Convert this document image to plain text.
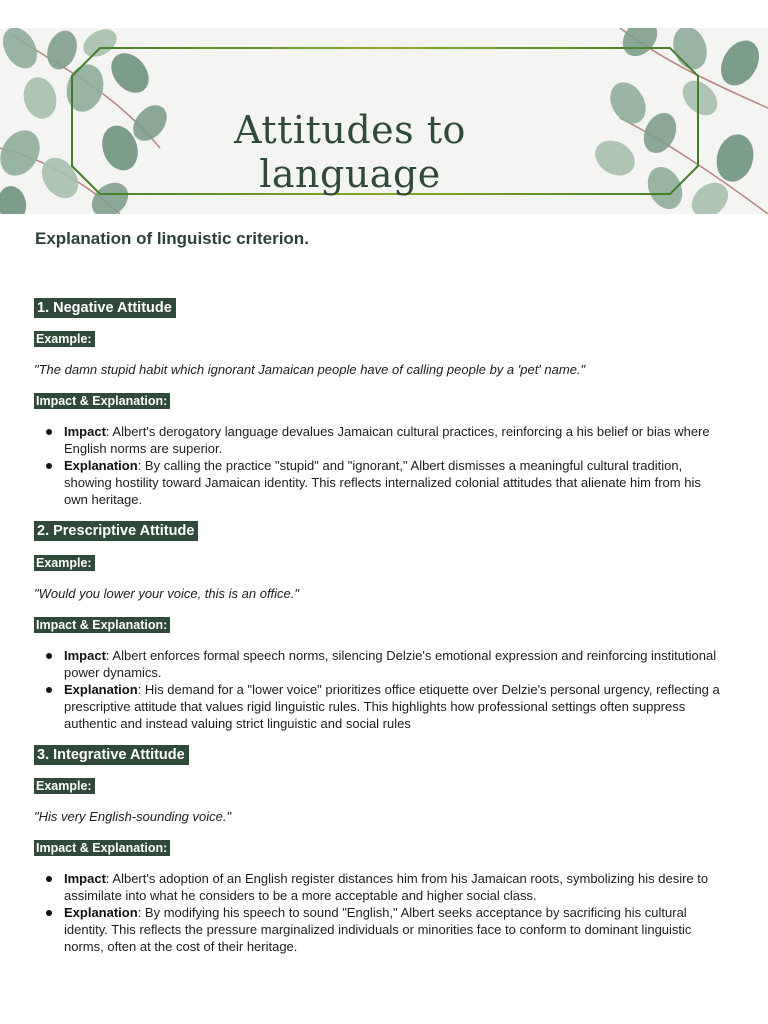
Attitudes to
language
Explanation of linguistic criterion.
1. Negative Attitude
Example:

"The damn stupid habit which ignorant Jamaican people have of calling people by a 'pet' name."

Impact & Explanation:
Impact: Albert's derogatory language devalues Jamaican cultural practices, reinforcing a his belief or bias where English norms are superior.
Explanation: By calling the practice "stupid" and "ignorant," Albert dismisses a meaningful cultural tradition, showing hostility toward Jamaican identity. This reflects internalized colonial attitudes that alienate him from his own heritage.
2. Prescriptive Attitude
Example:

"Would you lower your voice, this is an office."

Impact & Explanation:
Impact: Albert enforces formal speech norms, silencing Delzie's emotional expression and reinforcing institutional power dynamics.
Explanation: His demand for a "lower voice" prioritizes office etiquette over Delzie's personal urgency, reflecting a prescriptive attitude that values rigid linguistic rules. This highlights how professional settings often suppress authentic and instead valuing strict linguistic and social rules
3. Integrative Attitude
Example:

"His very English-sounding voice."

Impact & Explanation:
Impact: Albert's adoption of an English register distances him from his Jamaican roots, symbolizing his desire to assimilate into what he considers to be a more acceptable and higher social class.
Explanation: By modifying his speech to sound "English," Albert seeks acceptance by sacrificing his cultural identity. This reflects the pressure marginalized individuals or minorities face to conform to dominant linguistic norms, often at the cost of their heritage.
